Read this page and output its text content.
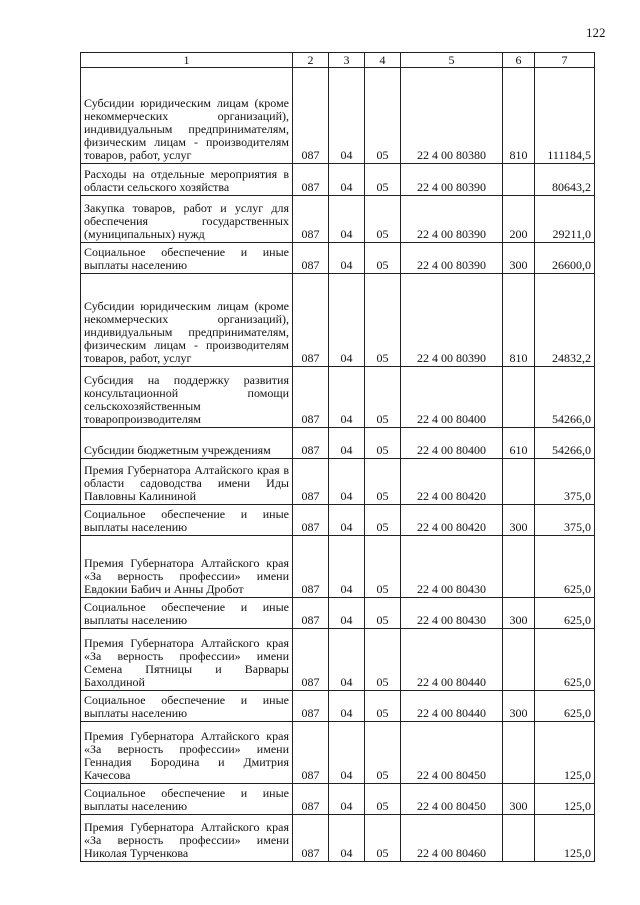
122
1	2	3	4	5	6	7
Субсидии юридическим лицам (кроме некоммерческих организаций), индивидуальным предпринимателям, физическим лицам - производителям товаров, работ, услуг	087	04	05	22 4 00 80380	810	111184,5
Расходы на отдельные мероприятия в области сельского хозяйства	087	04	05	22 4 00 80390		80643,2
Закупка товаров, работ и услуг для обеспечения государственных (муниципальных) нужд	087	04	05	22 4 00 80390	200	29211,0
Социальное обеспечение и иные выплаты населению	087	04	05	22 4 00 80390	300	26600,0
Субсидии юридическим лицам (кроме некоммерческих организаций), индивидуальным предпринимателям, физическим лицам - производителям товаров, работ, услуг	087	04	05	22 4 00 80390	810	24832,2
Субсидия на поддержку развития консультационной помощи сельскохозяйственным товаропроизводителям	087	04	05	22 4 00 80400		54266,0
Субсидии бюджетным учреждениям	087	04	05	22 4 00 80400	610	54266,0
Премия Губернатора Алтайского края в области садоводства имени Иды Павловны Калининой	087	04	05	22 4 00 80420		375,0
Социальное обеспечение и иные выплаты населению	087	04	05	22 4 00 80420	300	375,0
Премия Губернатора Алтайского края «За верность профессии» имени Евдокии Бабич и Анны Дробот	087	04	05	22 4 00 80430		625,0
Социальное обеспечение и иные выплаты населению	087	04	05	22 4 00 80430	300	625,0
Премия Губернатора Алтайского края «За верность профессии» имени Семена Пятницы и Варвары Бахолдиной	087	04	05	22 4 00 80440		625,0
Социальное обеспечение и иные выплаты населению	087	04	05	22 4 00 80440	300	625,0
Премия Губернатора Алтайского края «За верность профессии» имени Геннадия Бородина и Дмитрия Качесова	087	04	05	22 4 00 80450		125,0
Социальное обеспечение и иные выплаты населению	087	04	05	22 4 00 80450	300	125,0
Премия Губернатора Алтайского края «За верность профессии» имени Николая Турченкова	087	04	05	22 4 00 80460		125,0
